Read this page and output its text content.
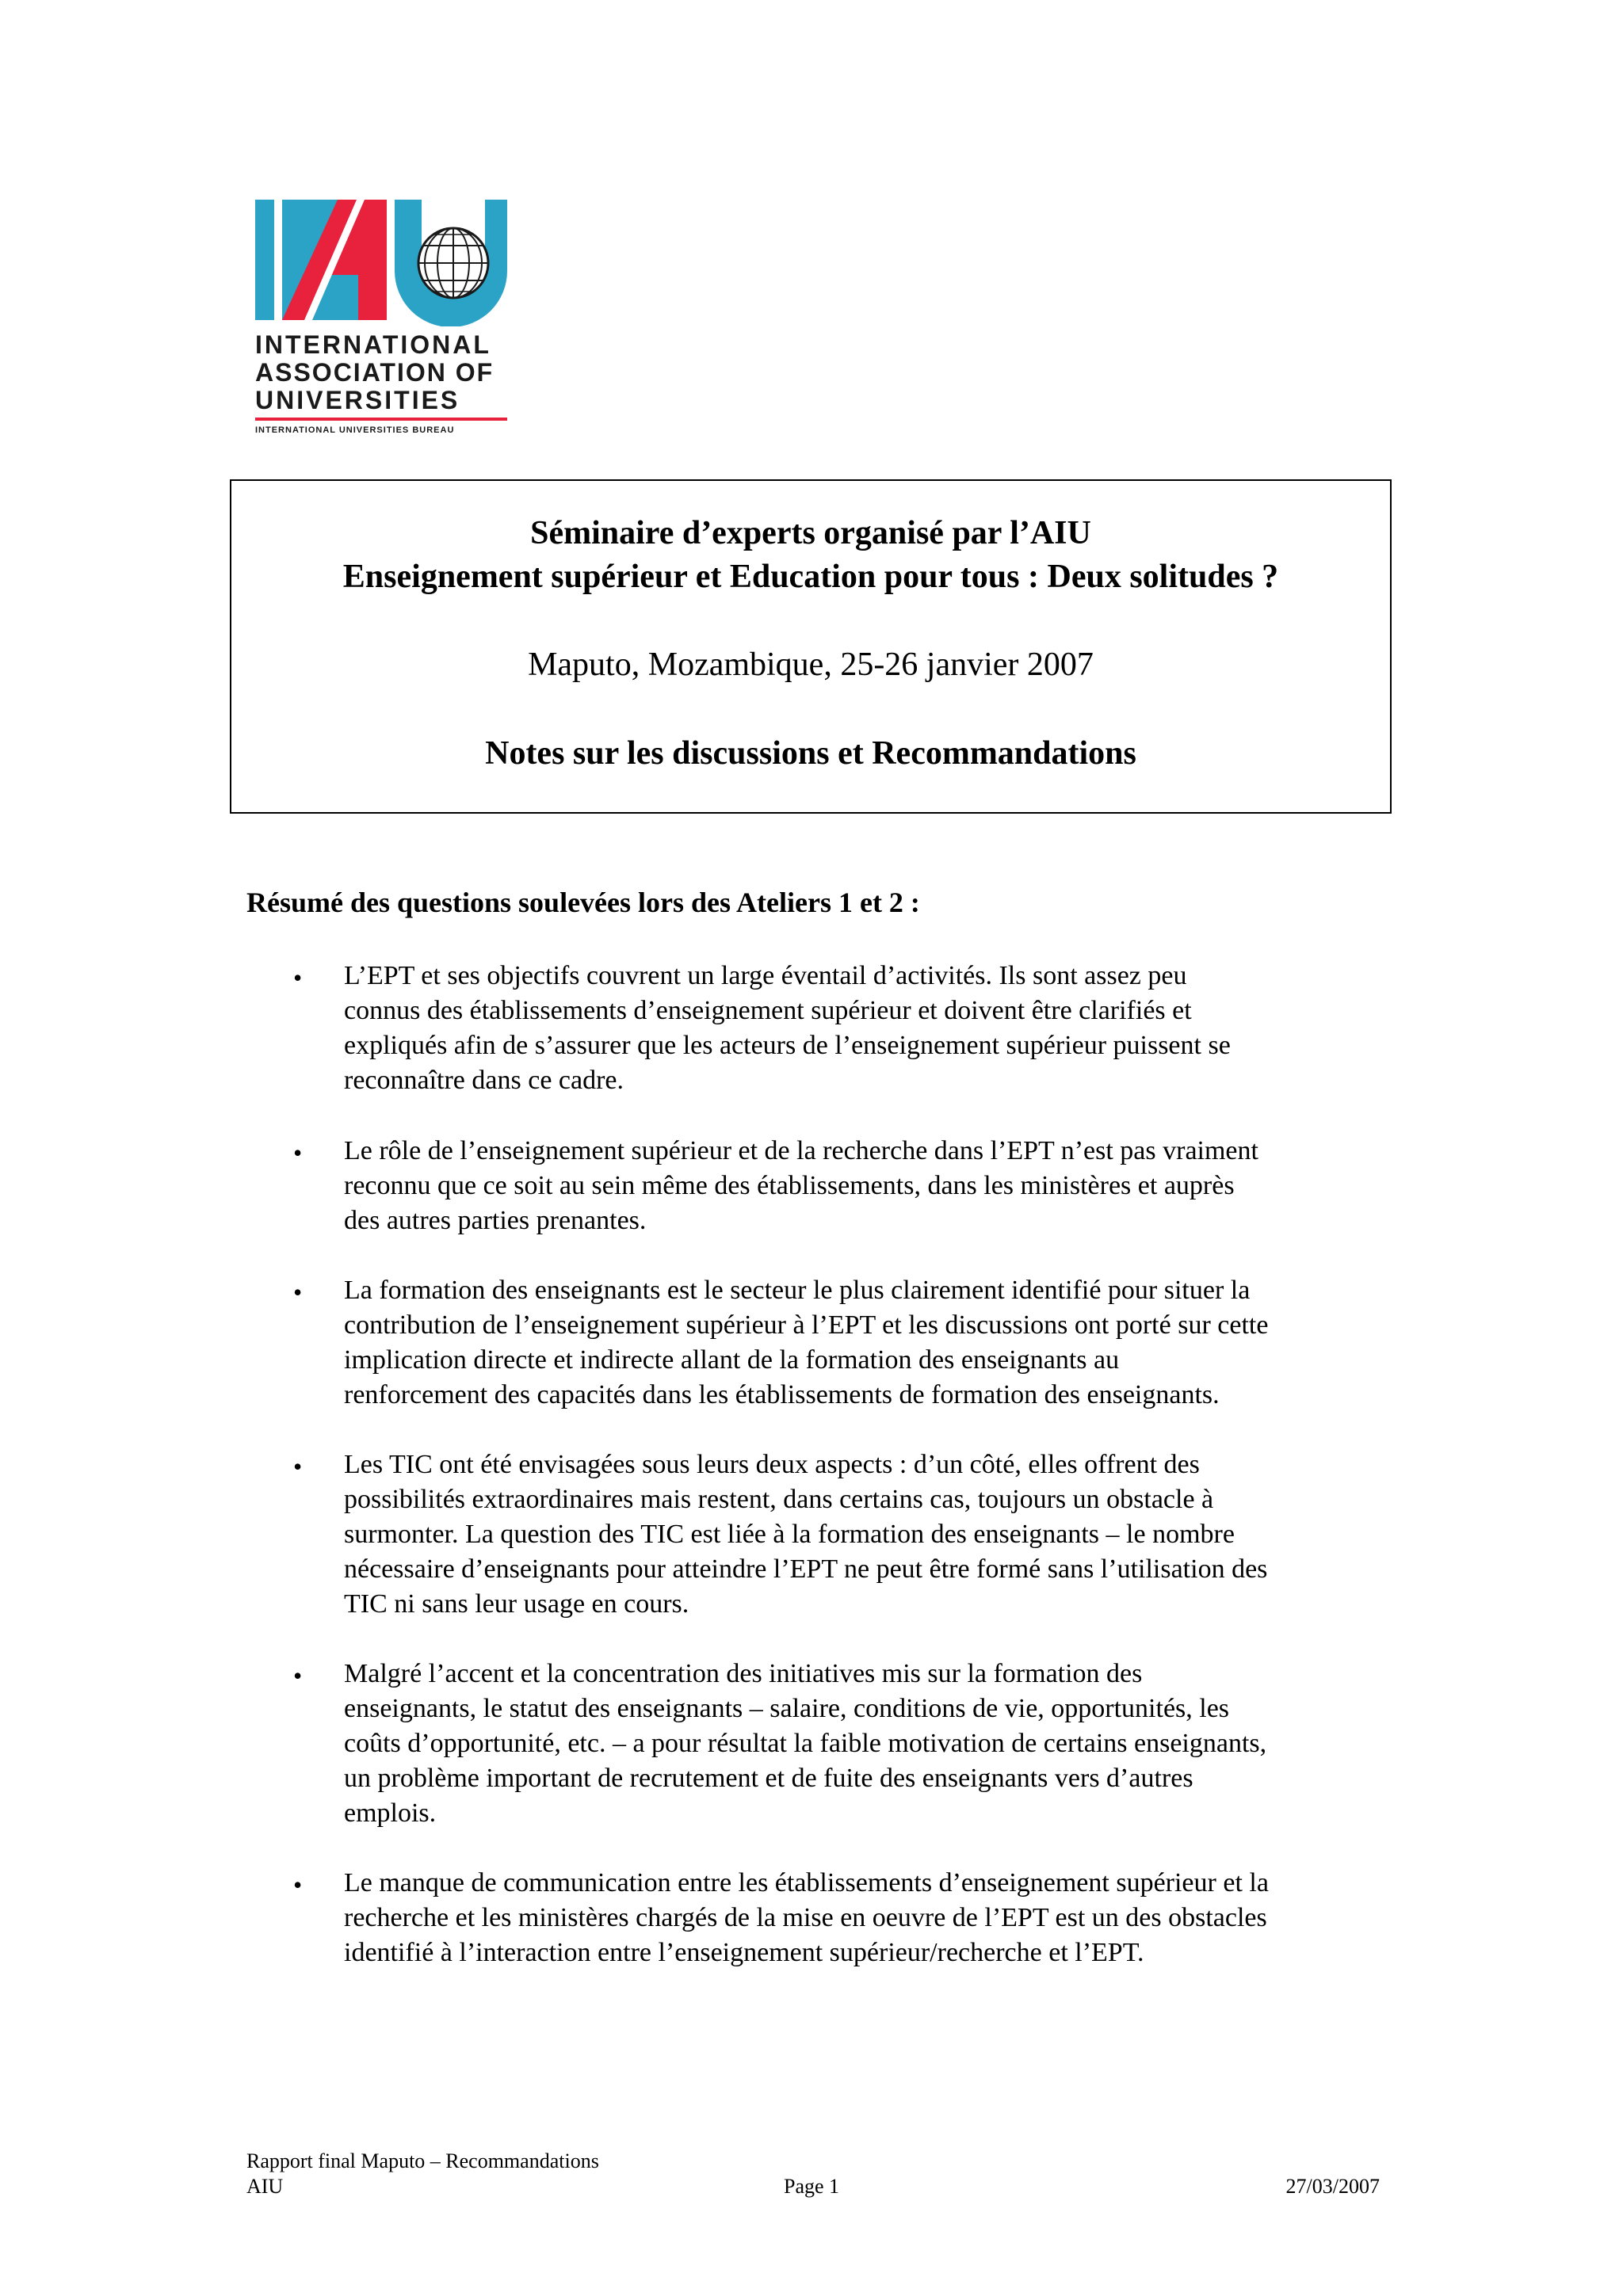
INTERNATIONAL
ASSOCIATION OF
UNIVERSITIES
INTERNATIONAL UNIVERSITIES BUREAU
Séminaire d’experts organisé par l’AIU
Enseignement supérieur et Education pour tous : Deux solitudes ?
Maputo, Mozambique, 25-26 janvier 2007
Notes sur les discussions et Recommandations
Résumé des questions soulevées lors des Ateliers 1 et 2 :
• L’EPT et ses objectifs couvrent un large éventail d’activités. Ils sont assez peu
connus des établissements d’enseignement supérieur et doivent être clarifiés et
expliqués afin de s’assurer que les acteurs de l’enseignement supérieur puissent se
reconnaître dans ce cadre.
• Le rôle de l’enseignement supérieur et de la recherche dans l’EPT n’est pas vraiment
reconnu que ce soit au sein même des établissements, dans les ministères et auprès
des autres parties prenantes.
• La formation des enseignants est le secteur le plus clairement identifié pour situer la
contribution de l’enseignement supérieur à l’EPT et les discussions ont porté sur cette
implication directe et indirecte allant de la formation des enseignants au
renforcement des capacités dans les établissements de formation des enseignants.
• Les TIC ont été envisagées sous leurs deux aspects : d’un côté, elles offrent des
possibilités extraordinaires mais restent, dans certains cas, toujours un obstacle à
surmonter. La question des TIC est liée à la formation des enseignants – le nombre
nécessaire d’enseignants pour atteindre l’EPT ne peut être formé sans l’utilisation des
TIC ni sans leur usage en cours.
• Malgré l’accent et la concentration des initiatives mis sur la formation des
enseignants, le statut des enseignants – salaire, conditions de vie, opportunités, les
coûts d’opportunité, etc. – a pour résultat la faible motivation de certains enseignants,
un problème important de recrutement et de fuite des enseignants vers d’autres
emplois.
• Le manque de communication entre les établissements d’enseignement supérieur et la
recherche et les ministères chargés de la mise en oeuvre de l’EPT est un des obstacles
identifié à l’interaction entre l’enseignement supérieur/recherche et l’EPT.
Rapport final Maputo – Recommandations
AIU	Page 1	27/03/2007
